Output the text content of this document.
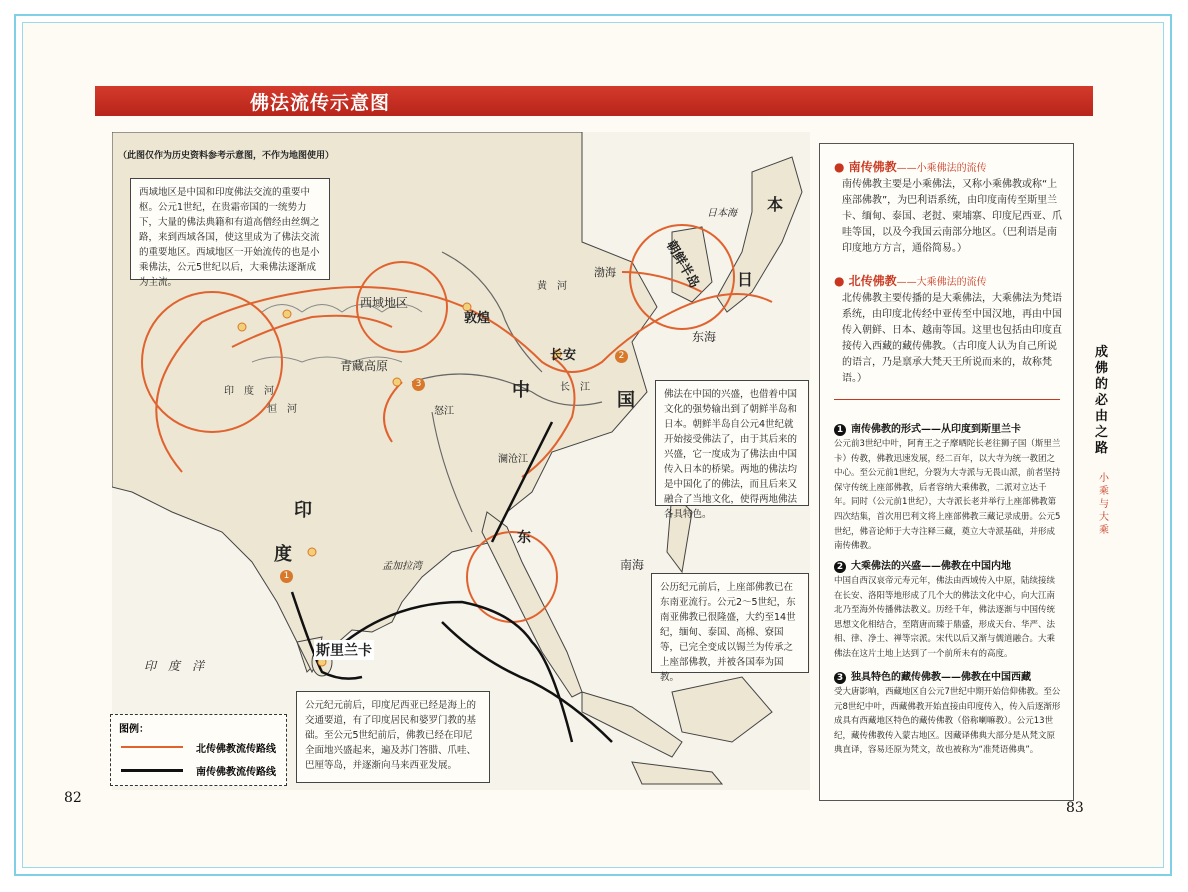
佛法流传示意图
西域地区
敦煌
青藏高原
长安
中	国
印
度
斯里兰卡
孟加拉湾
印　度　洋
东海
南海
渤海	朝鲜半岛
日本海
日
本
东
黄　河
长　江
澜沧江
怒江
恒　河
印　度　河
1
2
3
（此图仅作为历史资料参考示意图，不作为地图使用）
西域地区是中国和印度佛法交流的重要中枢。公元1世纪，在贵霜帝国的一统势力下，大量的佛法典籍和有道高僧经由丝绸之路，来到西域各国，使这里成为了佛法交流的重要地区。西域地区一开始流传的也是小乘佛法，公元5世纪以后，大乘佛法逐渐成为主流。
佛法在中国的兴盛，也借着中国文化的强势输出到了朝鲜半岛和日本。朝鲜半岛自公元4世纪就开始接受佛法了，由于其后来的兴盛，它一度成为了佛法由中国传入日本的桥梁。两地的佛法均是中国化了的佛法，而且后来又融合了当地文化，使得两地佛法各具特色。
公历纪元前后，上座部佛教已在东南亚流行。公元2～5世纪，东南亚佛教已很隆盛，大约至14世纪，缅甸、泰国、高棉、寮国等，已完全变成以锡兰为传承之上座部佛教，并被各国奉为国教。
公元纪元前后，印度尼西亚已经是海上的交通要道，有了印度居民和婆罗门教的基础。至公元5世纪前后，佛教已经在印尼全面地兴盛起来，遍及苏门答腊、爪哇、巴厘等岛，并逐渐向马来西亚发展。
图例：
北传佛教流传路线
南传佛教流传路线
● 南传佛教——小乘佛法的流传
南传佛教主要是小乘佛法，又称小乘佛教或称“上座部佛教”，为巴利语系统，由印度南传至斯里兰卡、缅甸、泰国、老挝、柬埔寨、印度尼西亚、爪哇等国，以及今我国云南部分地区。（巴利语是南印度地方方言，通俗简易。）
● 北传佛教——大乘佛法的流传
北传佛教主要传播的是大乘佛法，大乘佛法为梵语系统，由印度北传经中亚传至中国汉地，再由中国传入朝鲜、日本、越南等国。这里也包括由印度直接传入西藏的藏传佛教。（古印度人认为自己所说的语言，乃是禀承大梵天王所说而来的，故称梵语。）
1 南传佛教的形式——从印度到斯里兰卡
公元前3世纪中叶，阿育王之子摩哂陀长老往狮子国（斯里兰卡）传教，佛教迅速发展，经二百年，以大寺为统一教团之中心。至公元前1世纪，分裂为大寺派与无畏山派，前者坚持保守传统上座部佛教，后者容纳大乘佛教，二派对立达千年。同时（公元前1世纪），大寺派长老并举行上座部佛教第四次结集，首次用巴利文将上座部佛教三藏记录成册。公元5世纪，佛音论师于大寺注释三藏，奠立大寺派基础，并形成南传佛教。
2 大乘佛法的兴盛——佛教在中国内地
中国自西汉哀帝元寿元年，佛法由西域传入中原，陆续接续在长安、洛阳等地形成了几个大的佛法文化中心，向大江南北乃至海外传播佛法教义。历经千年，佛法逐渐与中国传统思想文化相结合，至隋唐而臻于鼎盛，形成天台、华严、法相、律、净土、禅等宗派。宋代以后又渐与儒道融合。大乘佛法在这片土地上达到了一个前所未有的高度。
3 独具特色的藏传佛教——佛教在中国西藏
受大唐影响，西藏地区自公元7世纪中期开始信仰佛教。至公元8世纪中叶，西藏佛教开始直接由印度传入，传入后逐渐形成具有西藏地区特色的藏传佛教（俗称喇嘛教）。公元13世纪，藏传佛教传入蒙古地区。因藏译佛典大部分是从梵文原典直译，容易还原为梵文，故也被称为“准梵语佛典”。
成佛的必由之路
小乘与大乘
82
83
